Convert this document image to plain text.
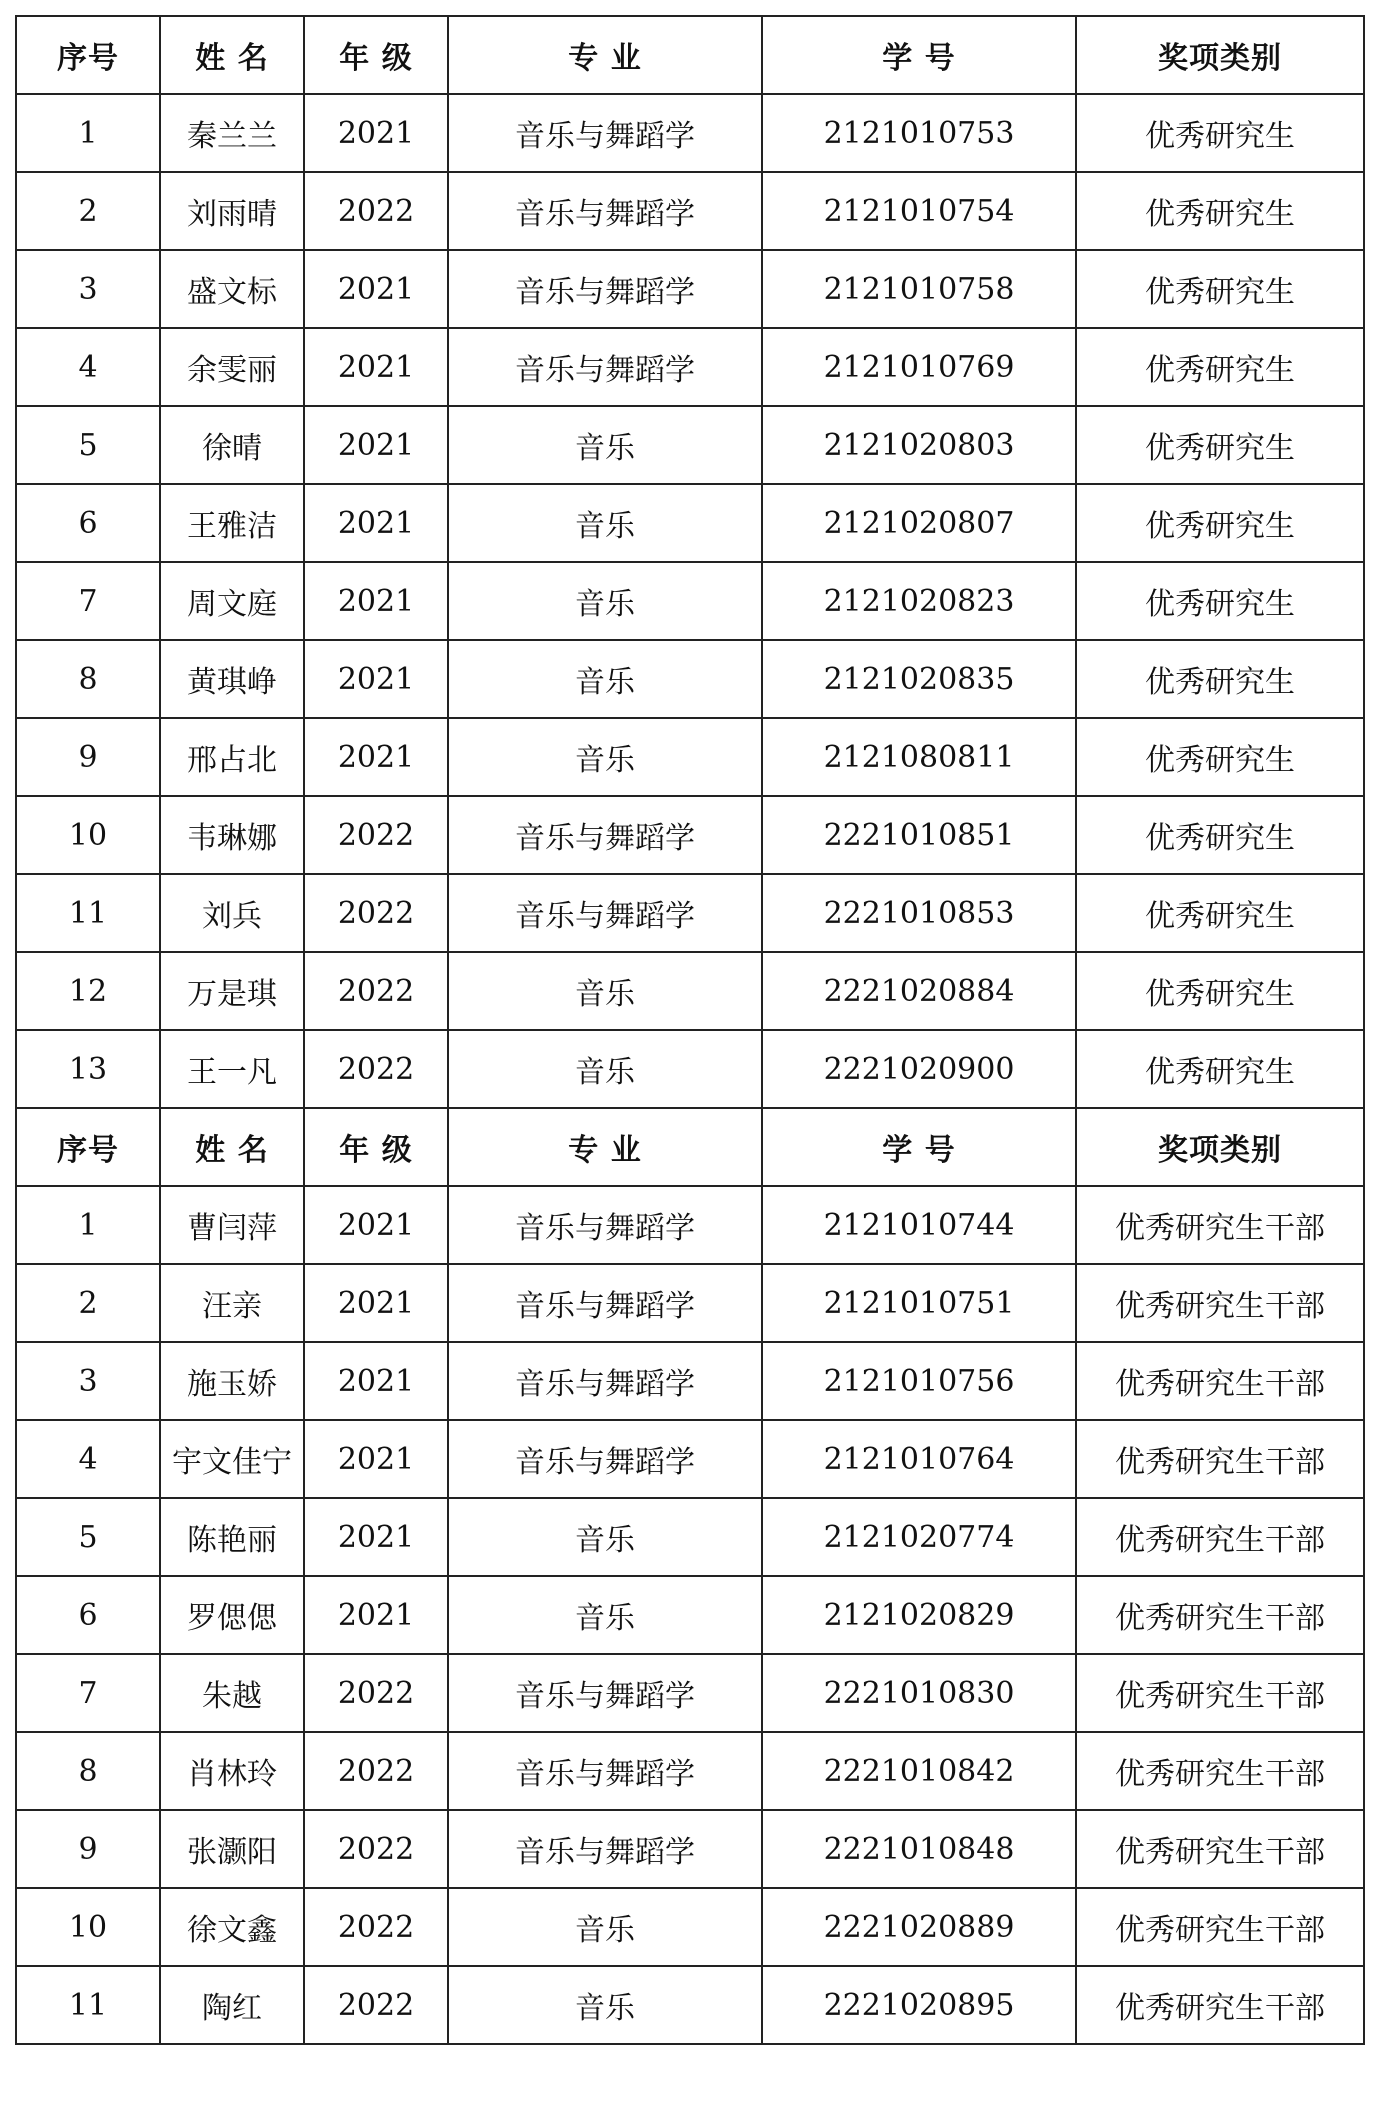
序号	姓 名	年 级	专 业	学 号	奖项类别
1	秦兰兰	2021	音乐与舞蹈学	2121010753	优秀研究生
2	刘雨晴	2022	音乐与舞蹈学	2121010754	优秀研究生
3	盛文标	2021	音乐与舞蹈学	2121010758	优秀研究生
4	余雯丽	2021	音乐与舞蹈学	2121010769	优秀研究生
5	徐晴	2021	音乐	2121020803	优秀研究生
6	王雅洁	2021	音乐	2121020807	优秀研究生
7	周文庭	2021	音乐	2121020823	优秀研究生
8	黄琪峥	2021	音乐	2121020835	优秀研究生
9	邢占北	2021	音乐	2121080811	优秀研究生
10	韦琳娜	2022	音乐与舞蹈学	2221010851	优秀研究生
11	刘兵	2022	音乐与舞蹈学	2221010853	优秀研究生
12	万是琪	2022	音乐	2221020884	优秀研究生
13	王一凡	2022	音乐	2221020900	优秀研究生
序号	姓 名	年 级	专 业	学 号	奖项类别
1	曹闫萍	2021	音乐与舞蹈学	2121010744	优秀研究生干部
2	汪亲	2021	音乐与舞蹈学	2121010751	优秀研究生干部
3	施玉娇	2021	音乐与舞蹈学	2121010756	优秀研究生干部
4	宇文佳宁	2021	音乐与舞蹈学	2121010764	优秀研究生干部
5	陈艳丽	2021	音乐	2121020774	优秀研究生干部
6	罗偲偲	2021	音乐	2121020829	优秀研究生干部
7	朱越	2022	音乐与舞蹈学	2221010830	优秀研究生干部
8	肖林玲	2022	音乐与舞蹈学	2221010842	优秀研究生干部
9	张灏阳	2022	音乐与舞蹈学	2221010848	优秀研究生干部
10	徐文鑫	2022	音乐	2221020889	优秀研究生干部
11	陶红	2022	音乐	2221020895	优秀研究生干部
